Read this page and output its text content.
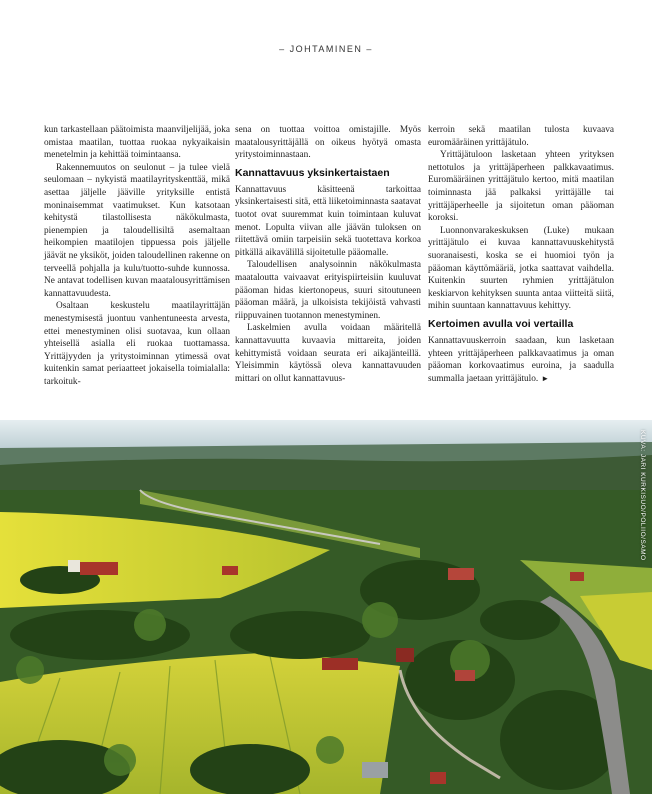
– JOHTAMINEN –

kun tarkastellaan päätoimista maanviljelijää, joka omistaa maatilan, tuottaa ruokaa nykyaikaisin menetelmin ja kehittää toimintaansa.

Rakennemuutos on seulonut – ja tulee vielä seulomaan – nykyistä maatilayrityskenttää, mikä asettaa jäljelle jääville yrityksille entistä moninaisemmat vaatimukset. Kun katsotaan kehitystä tilastollisesta näkökulmasta, pienempien ja taloudellisiltä asemaltaan heikompien maatilojen tippuessa pois jäljelle jäävät ne yksiköt, joiden taloudellinen rakenne on terveellä pohjalla ja kulu/tuotto-suhde kunnossa. Ne antavat todellisen kuvan maatalousyrittämisen kannattavuudesta.

Osaltaan keskustelu maatilayrittäjän menestymisestä juontuu vanhentuneesta arvesta, ettei menestyminen olisi suotavaa, kun ollaan yhteisellä asialla eli ruokaa tuottamassa. Yrittäjyyden ja yritystoiminnan ytimessä ovat kuitenkin samat periaatteet jokaisella toimialalla: tarkoituk-

sena on tuottaa voittoa omistajille. Myös maatalousyrittäjällä on oikeus hyötyä omasta yritystoiminnastaan.

Kannattavuus yksinkertaistaen

Kannattavuus käsitteenä tarkoittaa yksinkertaisesti sitä, että liiketoiminnasta saatavat tuotot ovat suuremmat kuin toimintaan kuluvat menot. Lopulta viivan alle jäävän tuloksen on riitettävä omiin tarpeisiin sekä tuotettava korkoa pitkällä aikavälillä sijoitetulle pääomalle.

Taloudellisen analysoinnin näkökulmasta maataloutta vaivaavat erityispiirteisiin kuuluvat pääoman hidas kiertonopeus, suuri sitoutuneen pääoman määrä, ja ulkoisista tekijöistä vahvasti riippuvainen tuotannon menestyminen.

Laskelmien avulla voidaan määritellä kannattavuutta kuvaavia mittareita, joiden kehittymistä voidaan seurata eri aikajänteillä. Yleisimmin käytössä oleva kannattavuuden mittari on ollut kannattavuus-

kerroin sekä maatilan tulosta kuvaava euromääräinen yrittäjätulo.

Yrittäjätuloon lasketaan yhteen yrityksen nettotulos ja yrittäjäperheen palkkavaatimus. Euromääräinen yrittäjätulo kertoo, mitä maatilan toiminnasta jää palkaksi yrittäjälle tai yrittäjäperheelle ja sijoitetun oman pääoman koroksi.

Luonnonvarakeskuksen (Luke) mukaan yrittäjätulo ei kuvaa kannattavuuskehitystä suoranaisesti, koska se ei huomioi työn ja pääoman käyttömääriä, jotka saattavat vaihdella. Kuitenkin suurten ryhmien yrittäjätulon keskiarvon kehityksen suunta antaa viitteitä siitä, mihin suuntaan kannattavuus kehittyy.

Kertoimen avulla voi vertailla

Kannattavuuskerroin saadaan, kun lasketaan yhteen yrittäjäperheen palkkavaatimus ja oman pääoman korkovaatimus euroina, ja saadulla summalla jaetaan yrittäjätulo. ►

KUVA: JARI KURKISUO/POLIIO/SAMO
